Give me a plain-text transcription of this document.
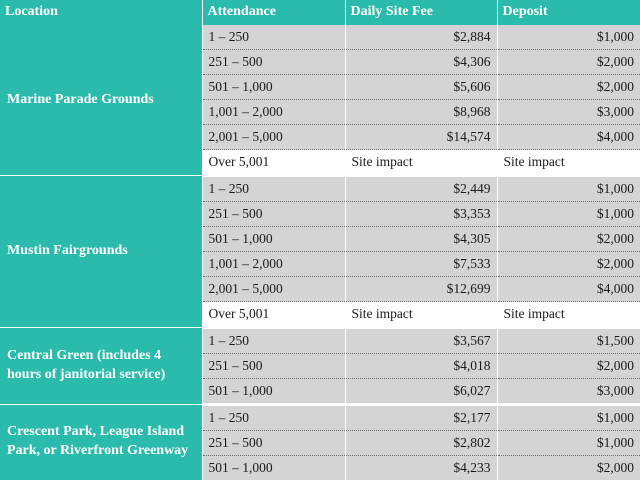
Location	Attendance	Daily Site Fee	Deposit
Marine Parade Grounds	1 – 250	$2,884	$1,000
	251 – 500	$4,306	$2,000
	501 – 1,000	$5,606	$2,000
	1,001 – 2,000	$8,968	$3,000
	2,001 – 5,000	$14,574	$4,000
	Over 5,001	Site impact	Site impact
Mustin Fairgrounds	1 – 250	$2,449	$1,000
	251 – 500	$3,353	$1,000
	501 – 1,000	$4,305	$2,000
	1,001 – 2,000	$7,533	$2,000
	2,001 – 5,000	$12,699	$4,000
	Over 5,001	Site impact	Site impact
Central Green (includes 4 hours of janitorial service)	1 – 250	$3,567	$1,500
	251 – 500	$4,018	$2,000
	501 – 1,000	$6,027	$3,000
Crescent Park, League Island Park, or Riverfront Greenway	1 – 250	$2,177	$1,000
	251 – 500	$2,802	$1,000
	501 – 1,000	$4,233	$2,000
